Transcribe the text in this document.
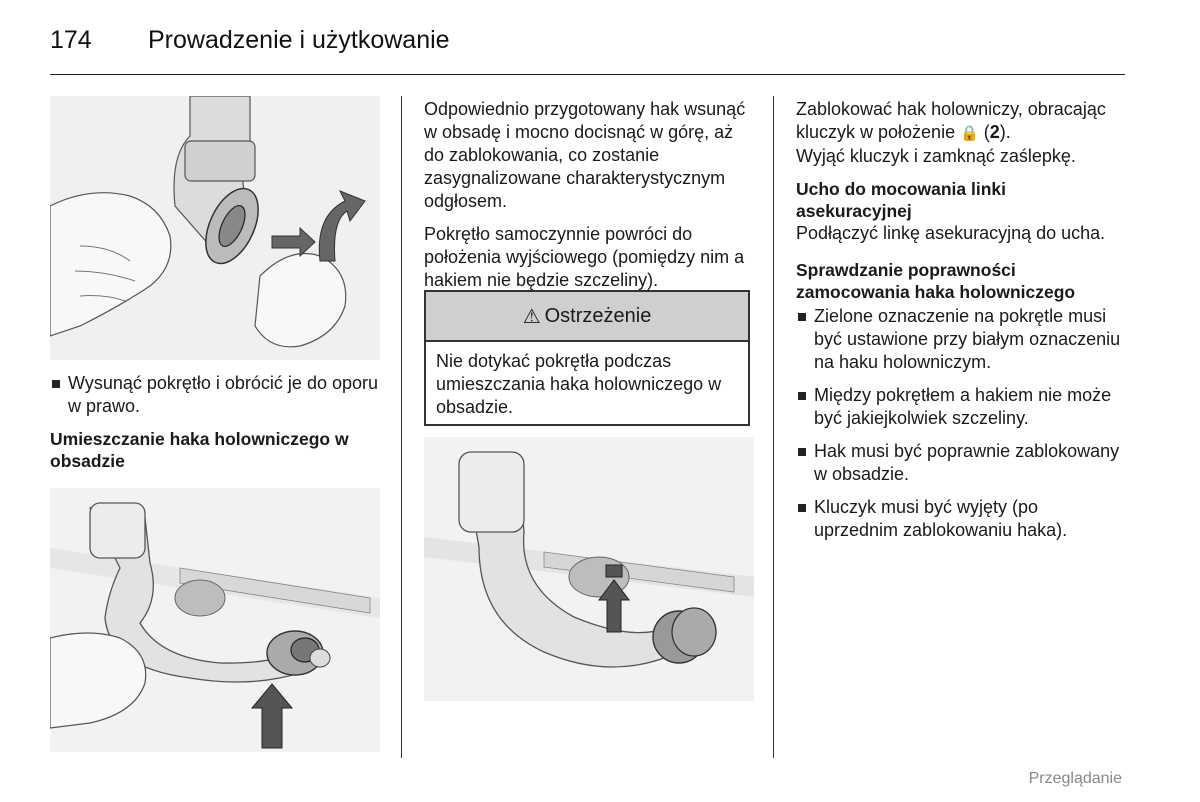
174 Prowadzenie i użytkowanie
Wysunąć pokrętło i obrócić je do oporu w prawo.
Umieszczanie haka holowniczego w obsadzie

Odpowiednio przygotowany hak wsunąć w obsadę i mocno docisnąć w górę, aż do zablokowania, co zostanie zasygnalizowane charakterystycznym odgłosem.

Pokrętło samoczynnie powróci do położenia wyjściowego (pomiędzy nim a hakiem nie będzie szczeliny).

⚠ Ostrzeżenie
Nie dotykać pokrętła podczas umieszczania haka holowniczego w obsadzie.

Zablokować hak holowniczy, obracając kluczyk w położenie 🔒 (2).

Wyjąć kluczyk i zamknąć zaślepkę.

Ucho do mocowania linki asekuracyjnej

Podłączyć linkę asekuracyjną do ucha.

Sprawdzanie poprawności zamocowania haka holowniczego
Zielone oznaczenie na pokrętle musi być ustawione przy białym oznaczeniu na haku holowniczym.
Między pokrętłem a hakiem nie może być jakiejkolwiek szczeliny.
Hak musi być poprawnie zablokowany w obsadzie.
Kluczyk musi być wyjęty (po uprzednim zablokowaniu haka).
Przeglądanie
